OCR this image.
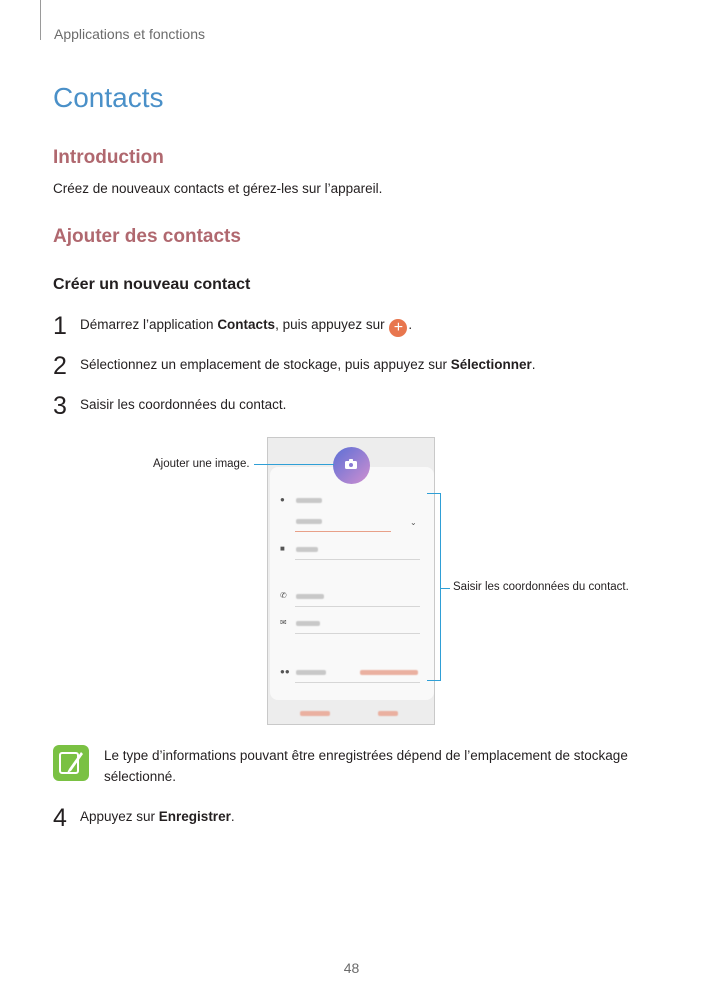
Applications et fonctions
Contacts
Introduction
Créez de nouveaux contacts et gérez-les sur l’appareil.
Ajouter des contacts
Créer un nouveau contact
1 Démarrez l’application Contacts, puis appuyez sur + .
2 Sélectionnez un emplacement de stockage, puis appuyez sur Sélectionner.
3 Saisir les coordonnées du contact.
●
⌄
■
✆
✉
●●
Ajouter une image.
Saisir les coordonnées du contact.
Le type d’informations pouvant être enregistrées dépend de l’emplacement de stockage sélectionné.
4 Appuyez sur Enregistrer.
48
